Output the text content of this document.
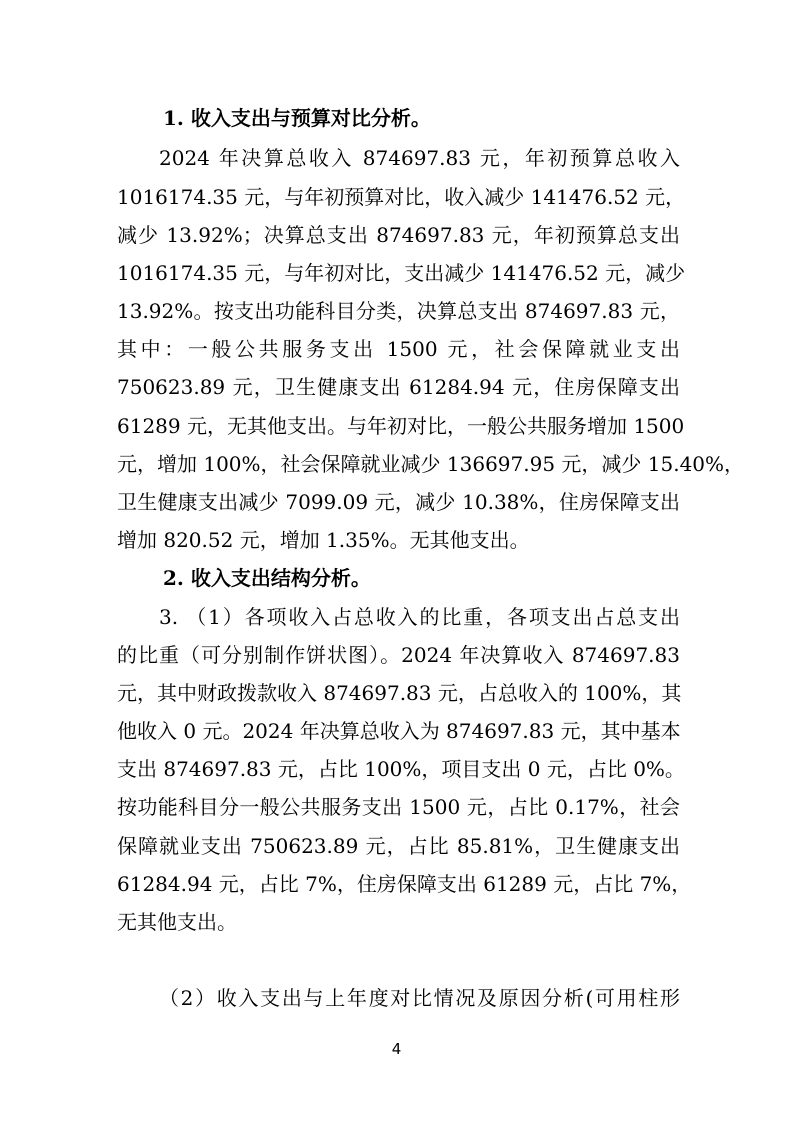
1. 收入支出与预算对比分析。
2024 年决算总收入 874697.83 元，年初预算总收入
1016174.35 元，与年初预算对比，收入减少 141476.52 元，
减少 13.92%；决算总支出 874697.83 元，年初预算总支出
1016174.35 元，与年初对比，支出减少 141476.52 元，减少
13.92%。按支出功能科目分类，决算总支出 874697.83 元，
其中：一般公共服务支出 1500 元，社会保障就业支出
750623.89 元，卫生健康支出 61284.94 元，住房保障支出
61289 元，无其他支出。与年初对比，一般公共服务增加 1500
元，增加 100%，社会保障就业减少 136697.95 元，减少 15.40%，
卫生健康支出减少 7099.09 元，减少 10.38%，住房保障支出
增加 820.52 元，增加 1.35%。无其他支出。
2. 收入支出结构分析。
3. （1）各项收入占总收入的比重，各项支出占总支出
的比重（可分别制作饼状图）。2024 年决算收入 874697.83
元，其中财政拨款收入 874697.83 元，占总收入的 100%，其
他收入 0 元。2024 年决算总收入为 874697.83 元，其中基本
支出 874697.83 元，占比 100%，项目支出 0 元，占比 0%。
按功能科目分一般公共服务支出 1500 元，占比 0.17%，社会
保障就业支出 750623.89 元，占比 85.81%，卫生健康支出
61284.94 元，占比 7%，住房保障支出 61289 元，占比 7%，
无其他支出。
（2）收入支出与上年度对比情况及原因分析(可用柱形
4
